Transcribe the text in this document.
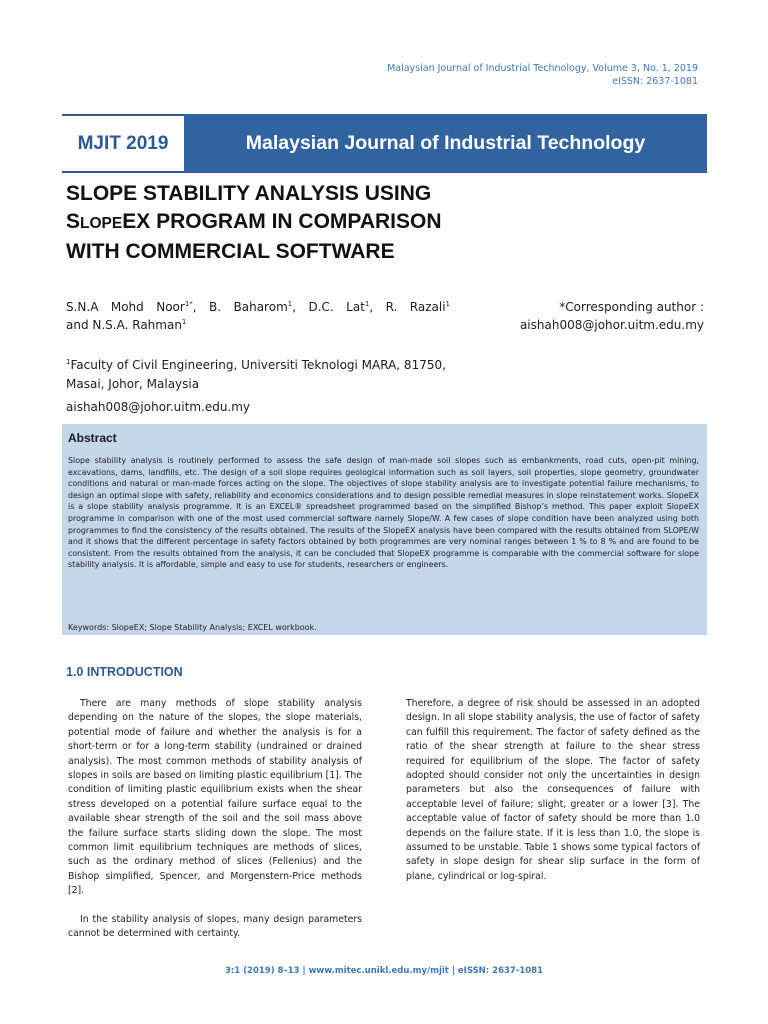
Malaysian Journal of Industrial Technology, Volume 3, No. 1, 2019
eISSN: 2637-1081
MJIT 2019	Malaysian Journal of Industrial Technology
SLOPE STABILITY ANALYSIS USING
SLOPEEX PROGRAM IN COMPARISON
WITH COMMERCIAL SOFTWARE
S.N.A Mohd Noor$^{1*}$, B. Baharom$^1$, D.C. Lat$^1$, R. Razali$^1$
and N.S.A. Rahman$^1$
*Corresponding author :
aishah008@johor.uitm.edu.my
$^1$Faculty of Civil Engineering, Universiti Teknologi MARA, 81750,
Masai, Johor, Malaysia
aishah008@johor.uitm.edu.my
Abstract
Slope stability analysis is routinely performed to assess the safe design of man-made soil slopes such as embankments, road cuts, open-pit mining, excavations, dams, landfills, etc. The design of a soil slope requires geological information such as soil layers, soil properties, slope geometry, groundwater conditions and natural or man-made forces acting on the slope. The objectives of slope stability analysis are to investigate potential failure mechanisms, to design an optimal slope with safety, reliability and economics considerations and to design possible remedial measures in slope reinstatement works. SlopeEX is a slope stability analysis programme. It is an EXCEL® spreadsheet programmed based on the simplified Bishop’s method. This paper exploit SlopeEX programme in comparison with one of the most used commercial software namely Slope/W. A few cases of slope condition have been analyzed using both programmes to find the consistency of the results obtained. The results of the SlopeEX analysis have been compared with the results obtained from SLOPE/W and it shows that the different percentage in safety factors obtained by both programmes are very nominal ranges between 1 % to 8 % and are found to be consistent. From the results obtained from the analysis, it can be concluded that SlopeEX programme is comparable with the commercial software for slope stability analysis. It is affordable, simple and easy to use for students, researchers or engineers.
Keywords: SlopeEX; Slope Stability Analysis; EXCEL workbook.
1.0 INTRODUCTION

There are many methods of slope stability analysis depending on the nature of the slopes, the slope materials, potential mode of failure and whether the analysis is for a short-term or for a long-term stability (undrained or drained analysis). The most common methods of stability analysis of slopes in soils are based on limiting plastic equilibrium [1]. The condition of limiting plastic equilibrium exists when the shear stress developed on a potential failure surface equal to the available shear strength of the soil and the soil mass above the failure surface starts sliding down the slope. The most common limit equilibrium techniques are methods of slices, such as the ordinary method of slices (Fellenius) and the Bishop simplified, Spencer, and Morgenstern-Price methods [2].

In the stability analysis of slopes, many design parameters cannot be determined with certainty.

Therefore, a degree of risk should be assessed in an adopted design. In all slope stability analysis, the use of factor of safety can fulfill this requirement. The factor of safety defined as the ratio of the shear strength at failure to the shear stress required for equilibrium of the slope. The factor of safety adopted should consider not only the uncertainties in design parameters but also the consequences of failure with acceptable level of failure; slight, greater or a lower [3]. The acceptable value of factor of safety should be more than 1.0 depends on the failure state. If it is less than 1.0, the slope is assumed to be unstable. Table 1 shows some typical factors of safety in slope design for shear slip surface in the form of plane, cylindrical or log-spiral.

3:1 (2019) 8–13 | www.mitec.unikl.edu.my/mjit | eISSN: 2637-1081
